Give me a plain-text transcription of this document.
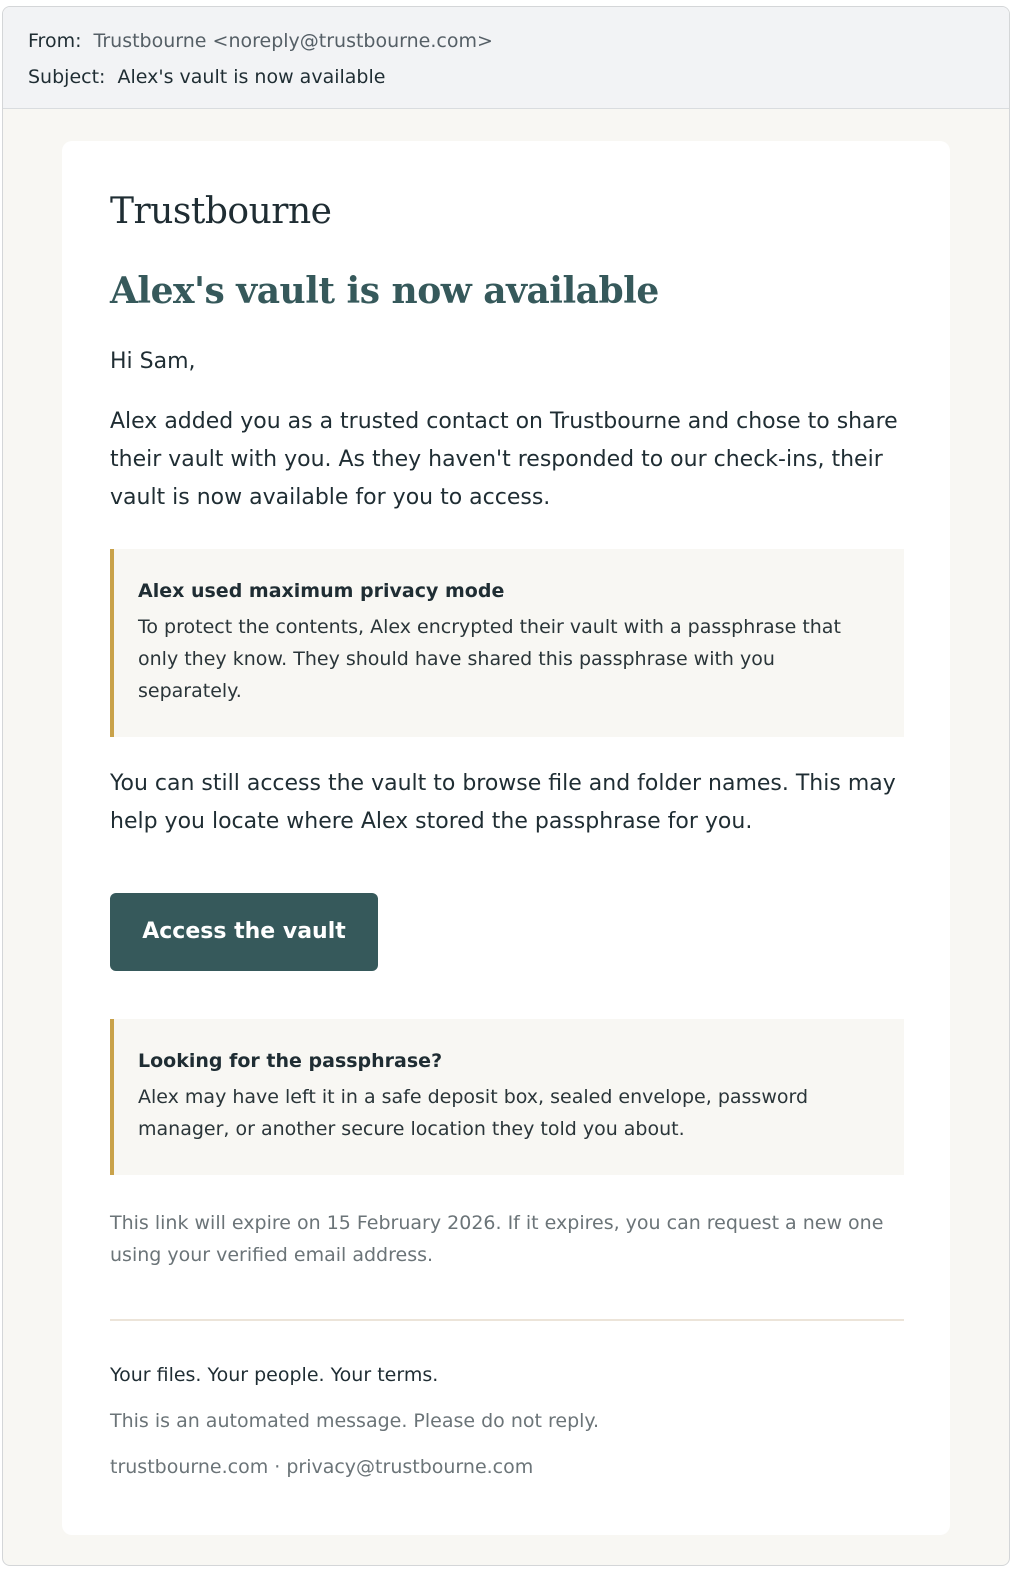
From: Trustbourne <noreply@trustbourne.com>
Subject: Alex's vault is now available
Trustbourne
Alex's vault is now available
Hi Sam,
Alex added you as a trusted contact on Trustbourne and chose to share their vault with you. As they haven't responded to our check-ins, their vault is now available for you to access.
Alex used maximum privacy mode
To protect the contents, Alex encrypted their vault with a passphrase that only they know. They should have shared this passphrase with you separately.
You can still access the vault to browse file and folder names. This may help you locate where Alex stored the passphrase for you.
Access the vault
Looking for the passphrase?
Alex may have left it in a safe deposit box, sealed envelope, password manager, or another secure location they told you about.
This link will expire on 15 February 2026. If it expires, you can request a new one using your verified email address.
Your files. Your people. Your terms.
This is an automated message. Please do not reply.
trustbourne.com · privacy@trustbourne.com
